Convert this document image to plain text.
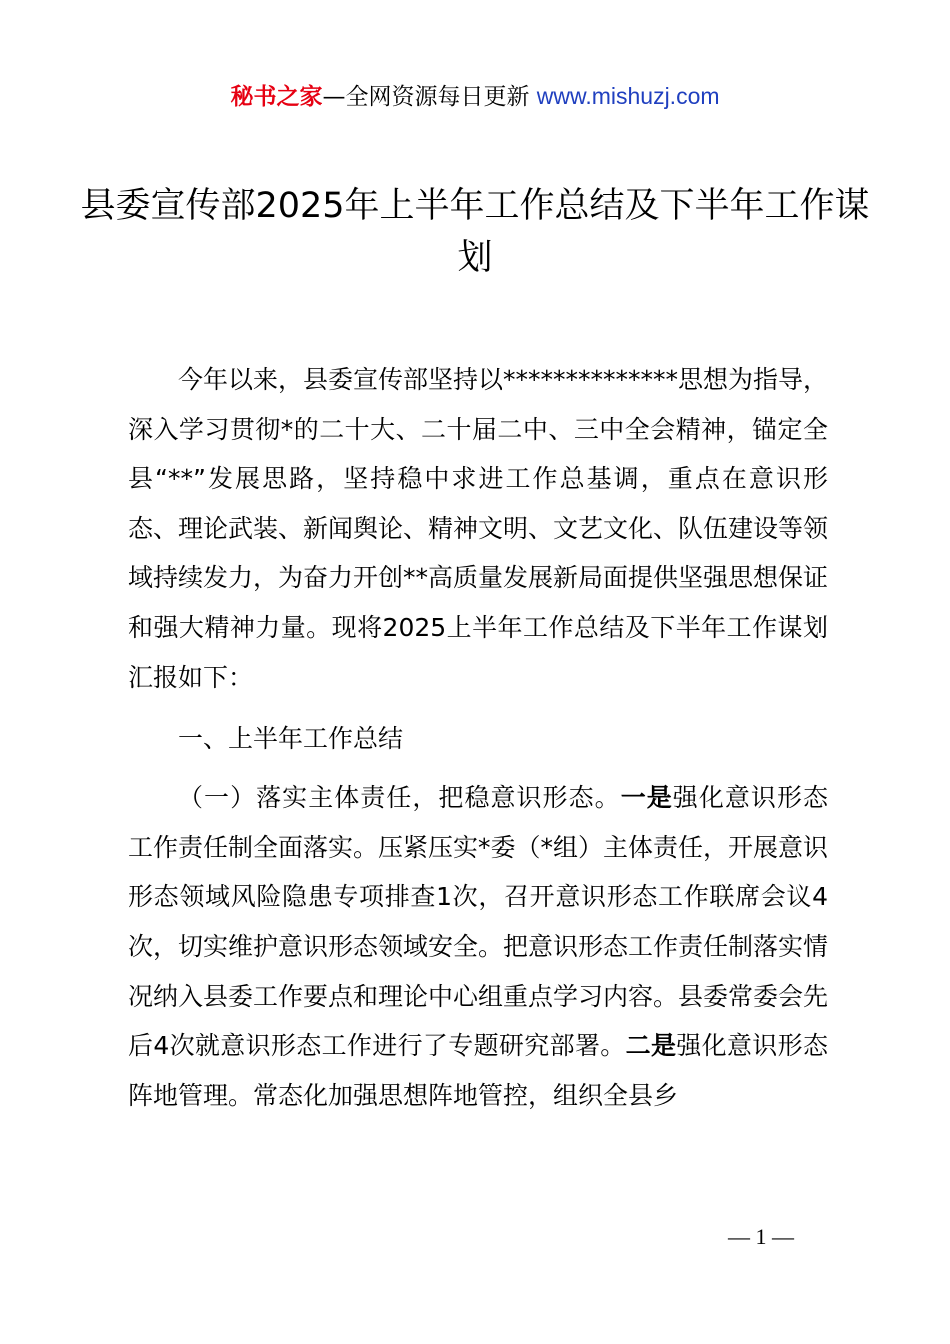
秘书之家—全网资源每日更新 www.mishuzj.com
县委宣传部2025年上半年工作总结及下半年工作谋划

今年以来，县委宣传部坚持以**************思想为指导，深入学习贯彻*的二十大、二十届二中、三中全会精神，锚定全县“**”发展思路，坚持稳中求进工作总基调，重点在意识形态、理论武装、新闻舆论、精神文明、文艺文化、队伍建设等领域持续发力，为奋力开创**高质量发展新局面提供坚强思想保证和强大精神力量。现将2025上半年工作总结及下半年工作谋划汇报如下：

一、上半年工作总结

（一）落实主体责任，把稳意识形态。一是强化意识形态工作责任制全面落实。压紧压实*委（*组）主体责任，开展意识形态领域风险隐患专项排查1次，召开意识形态工作联席会议4次，切实维护意识形态领域安全。把意识形态工作责任制落实情况纳入县委工作要点和理论中心组重点学习内容。县委常委会先后4次就意识形态工作进行了专题研究部署。二是强化意识形态阵地管理。常态化加强思想阵地管控，组织全县乡

— 1 —
